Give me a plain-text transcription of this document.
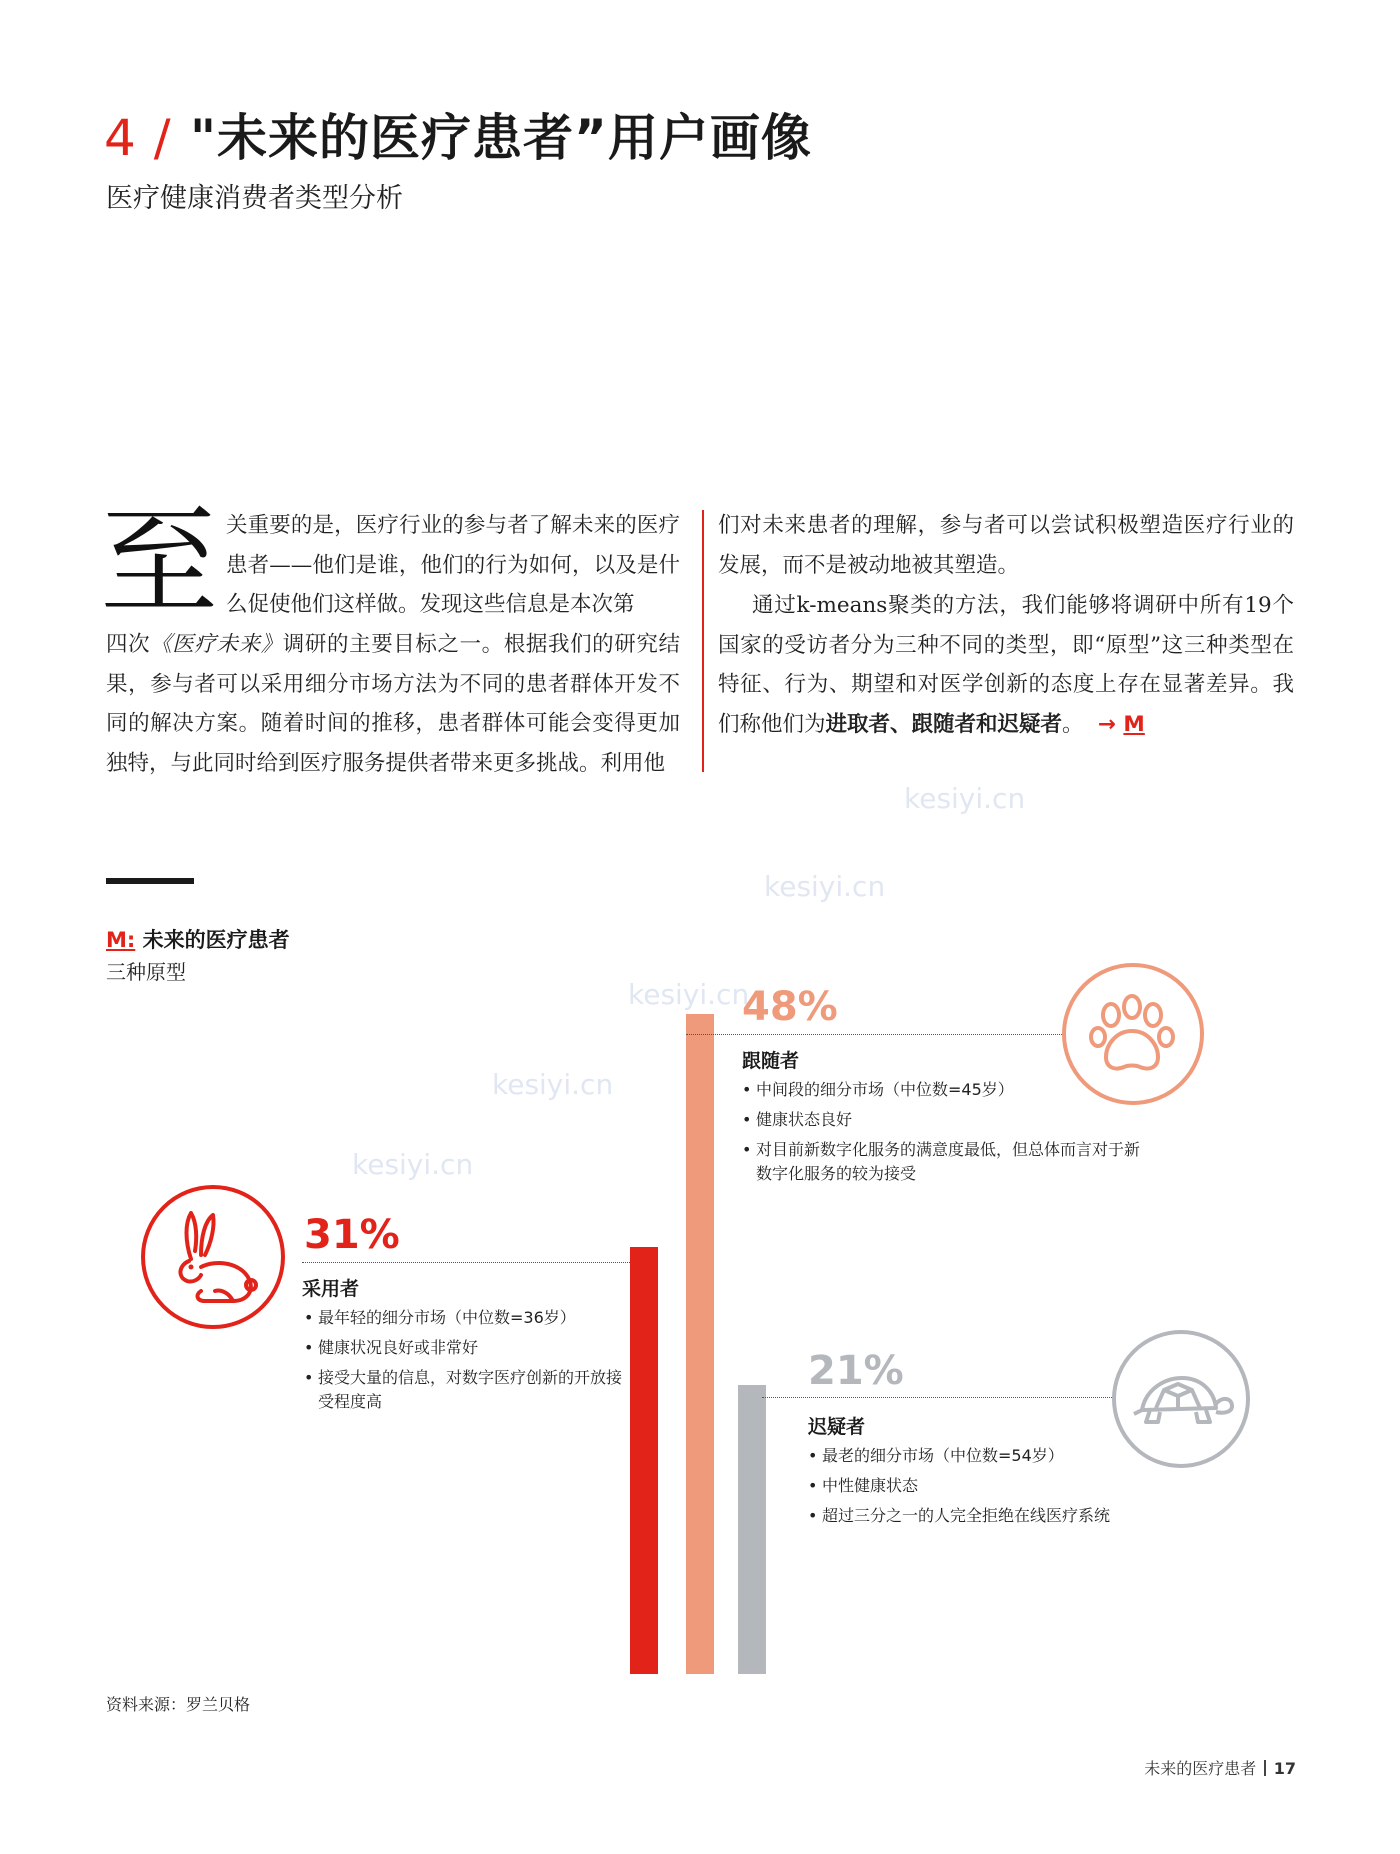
4 / "未来的医疗患者”用户画像
医疗健康消费者类型分析
至 关重要的是，医疗行业的参与者了解未来的医疗患者——他们是谁，他们的行为如何，以及是什么促使他们这样做。发现这些信息是本次第
四次《医疗未来》调研的主要目标之一。根据我们的研究结果，参与者可以采用细分市场方法为不同的患者群体开发不同的解决方案。随着时间的推移，患者群体可能会变得更加独特，与此同时给到医疗服务提供者带来更多挑战。利用他
们对未来患者的理解，参与者可以尝试积极塑造医疗行业的发展，而不是被动地被其塑造。
通过k-means聚类的方法，我们能够将调研中所有19个国家的受访者分为三种不同的类型，即“原型”这三种类型在特征、行为、期望和对医学创新的态度上存在显著差异。我们称他们为进取者、跟随者和迟疑者。 → M
kesiyi.cn
kesiyi.cn
kesiyi.cn
kesiyi.cn
kesiyi.cn
M: 未来的医疗患者
三种原型
31%
采用者
• 最年轻的细分市场（中位数=36岁）
• 健康状况良好或非常好
• 接受大量的信息，对数字医疗创新的开放接受程度高
48%
跟随者
• 中间段的细分市场（中位数=45岁）
• 健康状态良好
• 对目前新数字化服务的满意度最低，但总体而言对于新数字化服务的较为接受
21%
迟疑者
• 最老的细分市场（中位数=54岁）
• 中性健康状态
• 超过三分之一的人完全拒绝在线医疗系统
资料来源：罗兰贝格
未来的医疗患者 17
